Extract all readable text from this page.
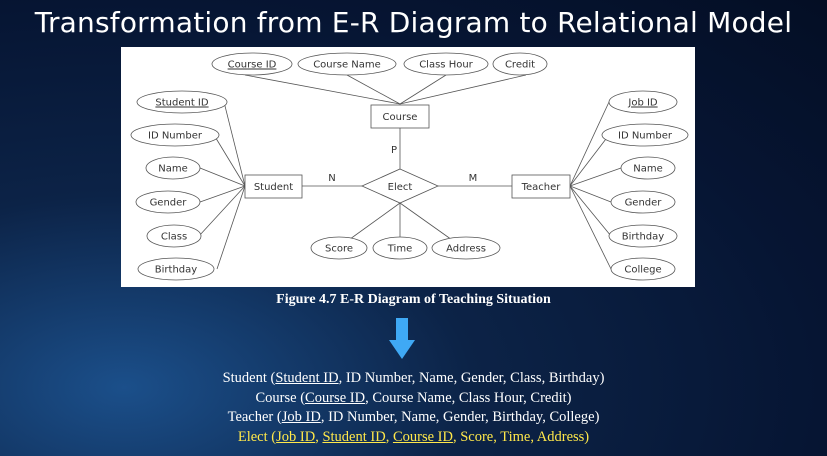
Transformation from E-R Diagram to Relational Model
Course ID	Course Name	Class Hour	Credit
Course
Student ID
ID Number
Name
Gender
Class
Birthday
Student	Elect
N	M
P
Teacher
Job ID
ID Number
Name
Gender
Birthday
College
Score	Time	Address
Figure 4.7 E-R Diagram of Teaching Situation
Student (Student ID, ID Number, Name, Gender, Class, Birthday)
Course (Course ID, Course Name, Class Hour, Credit)
Teacher (Job ID, ID Number, Name, Gender, Birthday, College)
Elect (Job ID, Student ID, Course ID, Score, Time, Address)
